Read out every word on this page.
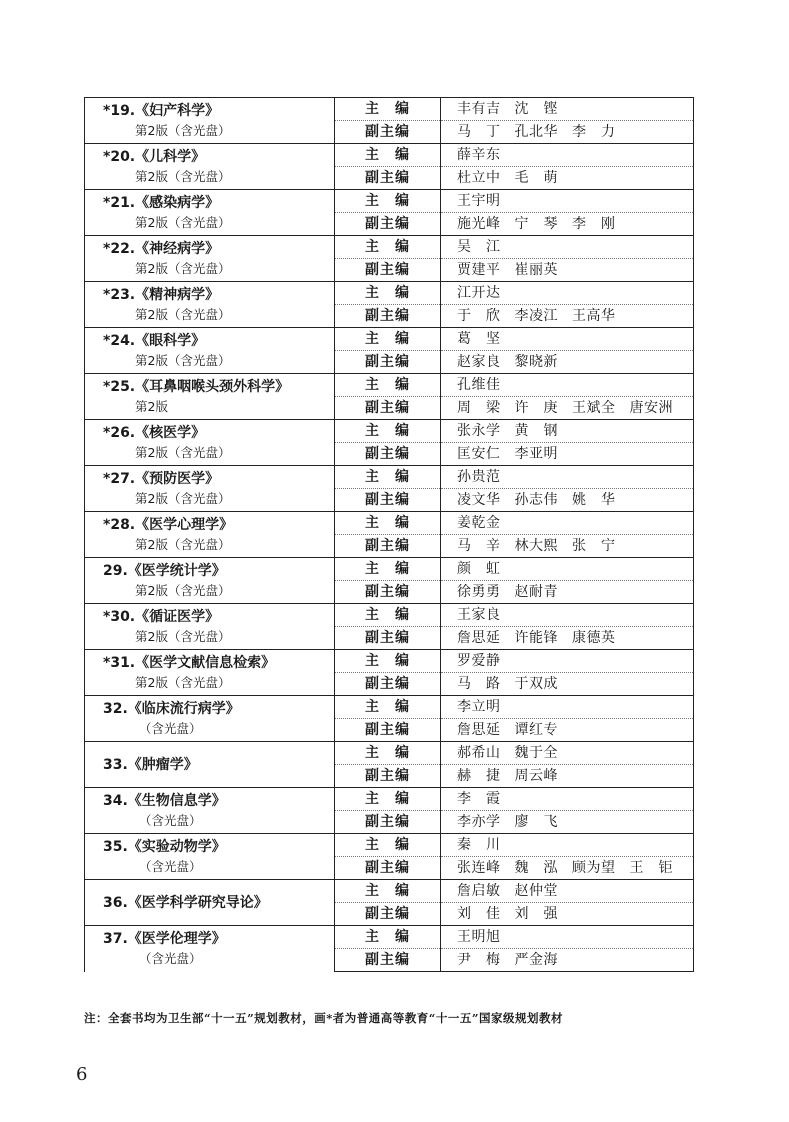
*19.《妇产科学》
第2版（含光盘）	主　编	丰有吉 沈　铿
	副主编	马　丁 孔北华 李　力

*20.《儿科学》
第2版（含光盘）	主　编	薛辛东
	副主编	杜立中 毛　萌

*21.《感染病学》
第2版（含光盘）	主　编	王宇明
	副主编	施光峰 宁　琴 李　刚

*22.《神经病学》
第2版（含光盘）	主　编	吴　江
	副主编	贾建平 崔丽英

*23.《精神病学》
第2版（含光盘）	主　编	江开达
	副主编	于　欣 李凌江 王高华

*24.《眼科学》
第2版（含光盘）	主　编	葛　坚
	副主编	赵家良 黎晓新

*25.《耳鼻咽喉头颈外科学》
第2版	主　编	孔维佳
	副主编	周　梁 许　庚 王斌全 唐安洲

*26.《核医学》
第2版（含光盘）	主　编	张永学 黄　钢
	副主编	匡安仁 李亚明

*27.《预防医学》
第2版（含光盘）	主　编	孙贵范
	副主编	凌文华 孙志伟 姚　华

*28.《医学心理学》
第2版（含光盘）	主　编	姜乾金
	副主编	马　辛 林大熙 张　宁

29.《医学统计学》
第2版（含光盘）	主　编	颜　虹
	副主编	徐勇勇 赵耐青

*30.《循证医学》
第2版（含光盘）	主　编	王家良
	副主编	詹思延 许能锋 康德英

*31.《医学文献信息检索》
第2版（含光盘）	主　编	罗爱静
	副主编	马　路 于双成

32.《临床流行病学》
（含光盘）	主　编	李立明
	副主编	詹思延 谭红专

33.《肿瘤学》	主　编	郝希山 魏于全
	副主编	赫　捷 周云峰

34.《生物信息学》
（含光盘）	主　编	李　霞
	副主编	李亦学 廖　飞

35.《实验动物学》
（含光盘）	主　编	秦　川
	副主编	张连峰 魏　泓 顾为望 王　钜

36.《医学科学研究导论》	主　编	詹启敏 赵仲堂
	副主编	刘　佳 刘　强

37.《医学伦理学》
（含光盘）	主　编	王明旭
	副主编	尹　梅 严金海
注：全套书均为卫生部“十一五”规划教材，画*者为普通高等教育“十一五”国家级规划教材
6
